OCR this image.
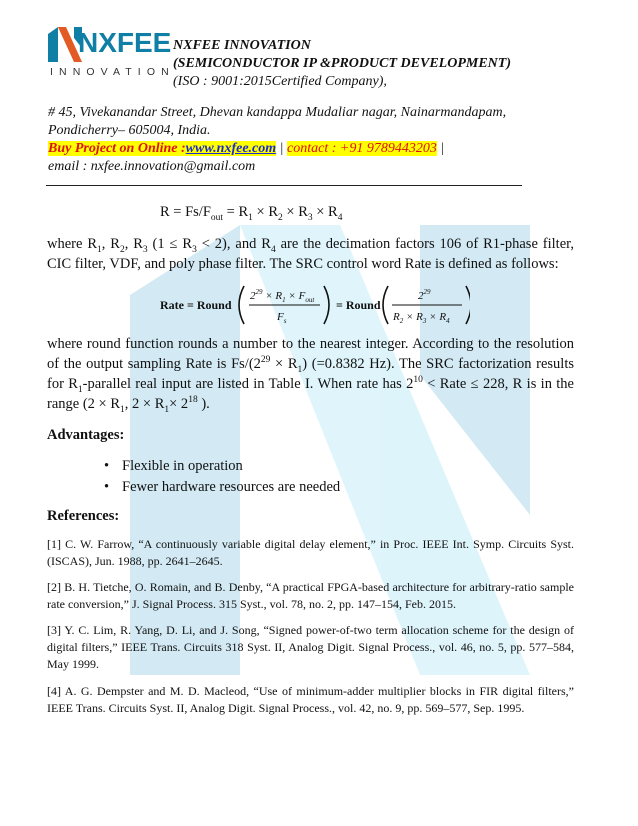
NXFEE
INNOVATION
NXFEE INNOVATION
(SEMICONDUCTOR IP &PRODUCT DEVELOPMENT)
(ISO : 9001:2015Certified Company),
# 45, Vivekanandar Street, Dhevan kandappa Mudaliar nagar, Nainarmandapam,
Pondicherry– 605004, India.
Buy Project on Online :www.nxfee.com | contact : +91 9789443203 |
email : nxfee.innovation@gmail.com
$R = Fs/F_{out} = R_1 \times R_2 \times R_3 \times R_4$
where $R_1$, $R_2$, $R_3$ $(1 \le R_3 < 2)$, and $R_4$ are the decimation factors 106 of R1-phase filter, CIC filter, VDF, and poly phase filter. The SRC control word Rate is defined as follows:
Rate = Round
$2^{29} \times R_1 \times F_{out}$
$F_s$
= Round
$2^{29}$
$R_2 \times R_3 \times R_4$
where round function rounds a number to the nearest integer. According to the resolution of the output sampling Rate is $Fs/(2^{29} \times R_1)$ (=0.8382 Hz). The SRC factorization results for $R_1$-parallel real input are listed in Table I. When rate has $2^{10}$ < Rate ≤ 228, R is in the range ($2 \times R_1$, $2 \times R_1\times 2^{18}$ ).
Advantages:
• Flexible in operation
• Fewer hardware resources are needed
References:
[1] C. W. Farrow, “A continuously variable digital delay element,” in Proc. IEEE Int. Symp. Circuits Syst. (ISCAS), Jun. 1988, pp. 2641–2645.
[2] B. H. Tietche, O. Romain, and B. Denby, “A practical FPGA-based architecture for arbitrary-ratio sample rate conversion,” J. Signal Process. 315 Syst., vol. 78, no. 2, pp. 147–154, Feb. 2015.
[3] Y. C. Lim, R. Yang, D. Li, and J. Song, “Signed power-of-two term allocation scheme for the design of digital filters,” IEEE Trans. Circuits 318 Syst. II, Analog Digit. Signal Process., vol. 46, no. 5, pp. 577–584, May 1999.
[4] A. G. Dempster and M. D. Macleod, “Use of minimum-adder multiplier blocks in FIR digital filters,” IEEE Trans. Circuits Syst. II, Analog Digit. Signal Process., vol. 42, no. 9, pp. 569–577, Sep. 1995.
